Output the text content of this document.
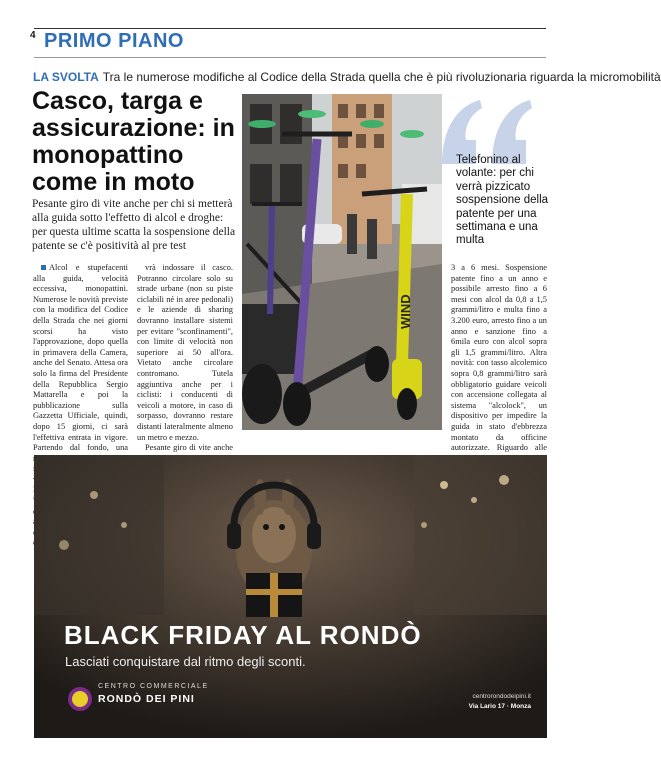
4 PRIMO PIANO
LA SVOLTA Tra le numerose modifiche al Codice della Strada quella che è più rivoluzionaria riguarda la micromobilità
Casco, targa e assicurazione: in monopattino come in moto

Pesante giro di vite anche per chi si metterà alla guida sotto l'effetto di alcol e droghe: per questa ultime scatta la sospensione della patente se c'è positività al pre test

Alcol e stupefacenti alla guida, velocità eccessiva, monopattini. Numerose le novità previste con la modifica del Codice della Strada che nei giorni scorsi ha visto l'approvazione, dopo quella in primavera della Camera, anche del Senato. Attesa ora solo la firma del Presidente della Repubblica Sergio Mattarella e poi la pubblicazione sulla Gazzetta Ufficiale, quindi, dopo 15 giorni, ci sarà l'effettiva entrata in vigore. Partendo dal fondo, una

vrà indossare il casco. Potranno circolare solo su strade urbane (non su piste ciclabili né in aree pedonali) e le aziende di sharing dovranno installare sistemi per evitare "sconfinamenti", con limite di velocità non superiore ai 50 all'ora. Vietato anche circolare contromano. Tutela aggiuntiva anche per i ciclisti: i conducenti di veicoli a motore, in caso di sorpasso, dovranno restare distanti lateralmente almeno un metro e mezzo.

Pesante giro di vite anche

3 a 6 mesi. Sospensione patente fino a un anno e possibile arresto fino a 6 mesi con alcol da 0,8 a 1,5 grammi/litro e multa fino a 3.200 euro, arresto fino a un anno e sanzione fino a 6mila euro con alcol sopra gli 1,5 grammi/litro. Altra novità: con tasso alcolemico sopra 0,8 grammi/litro sarà obbligatorio guidare veicoli con accensione collegata al sistema "alcolock", un dispositivo per impedire la guida in stato d'ebbrezza montato da officine autorizzate. Riguardo alle

WIND

Telefonino al volante: per chi verrà pizzicato sospensione della patente per una settimana e una multa

BLACK FRIDAY AL RONDÒ
Lasciati conquistare dal ritmo degli sconti.
CENTRO COMMERCIALE
RONDÒ DEI PINI	centrorondodeipini.it
Via Lario 17 · Monza
